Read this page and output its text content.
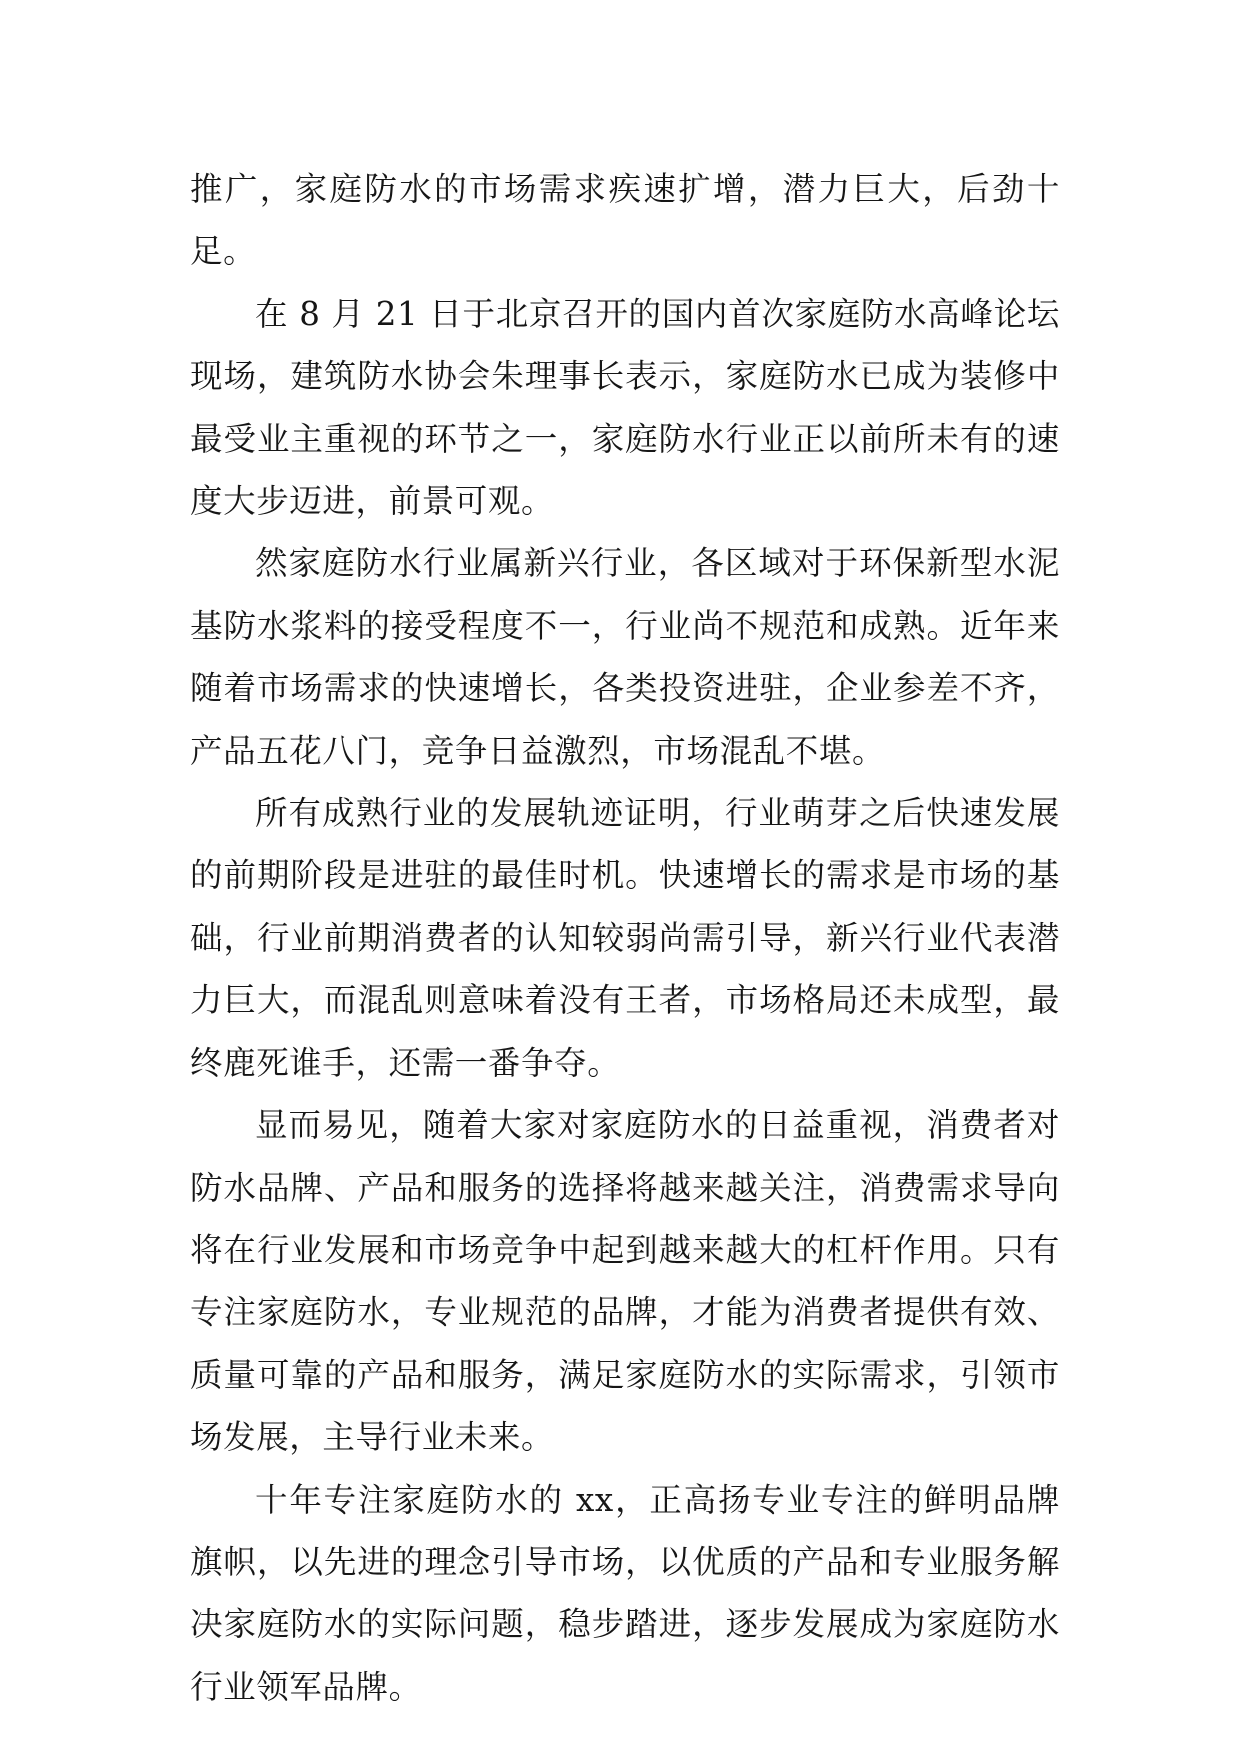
推广，家庭防水的市场需求疾速扩增，潜力巨大，后劲十足。

在 8 月 21 日于北京召开的国内首次家庭防水高峰论坛现场，建筑防水协会朱理事长表示，家庭防水已成为装修中最受业主重视的环节之一，家庭防水行业正以前所未有的速度大步迈进，前景可观。

然家庭防水行业属新兴行业，各区域对于环保新型水泥基防水浆料的接受程度不一，行业尚不规范和成熟。近年来随着市场需求的快速增长，各类投资进驻，企业参差不齐，产品五花八门，竞争日益激烈，市场混乱不堪。

所有成熟行业的发展轨迹证明，行业萌芽之后快速发展的前期阶段是进驻的最佳时机。快速增长的需求是市场的基础，行业前期消费者的认知较弱尚需引导，新兴行业代表潜力巨大，而混乱则意味着没有王者，市场格局还未成型，最终鹿死谁手，还需一番争夺。

显而易见，随着大家对家庭防水的日益重视，消费者对防水品牌、产品和服务的选择将越来越关注，消费需求导向将在行业发展和市场竞争中起到越来越大的杠杆作用。只有专注家庭防水，专业规范的品牌，才能为消费者提供有效、质量可靠的产品和服务，满足家庭防水的实际需求，引领市场发展，主导行业未来。

十年专注家庭防水的 xx，正高扬专业专注的鲜明品牌旗帜，以先进的理念引导市场，以优质的产品和专业服务解决家庭防水的实际问题，稳步踏进，逐步发展成为家庭防水行业领军品牌。
